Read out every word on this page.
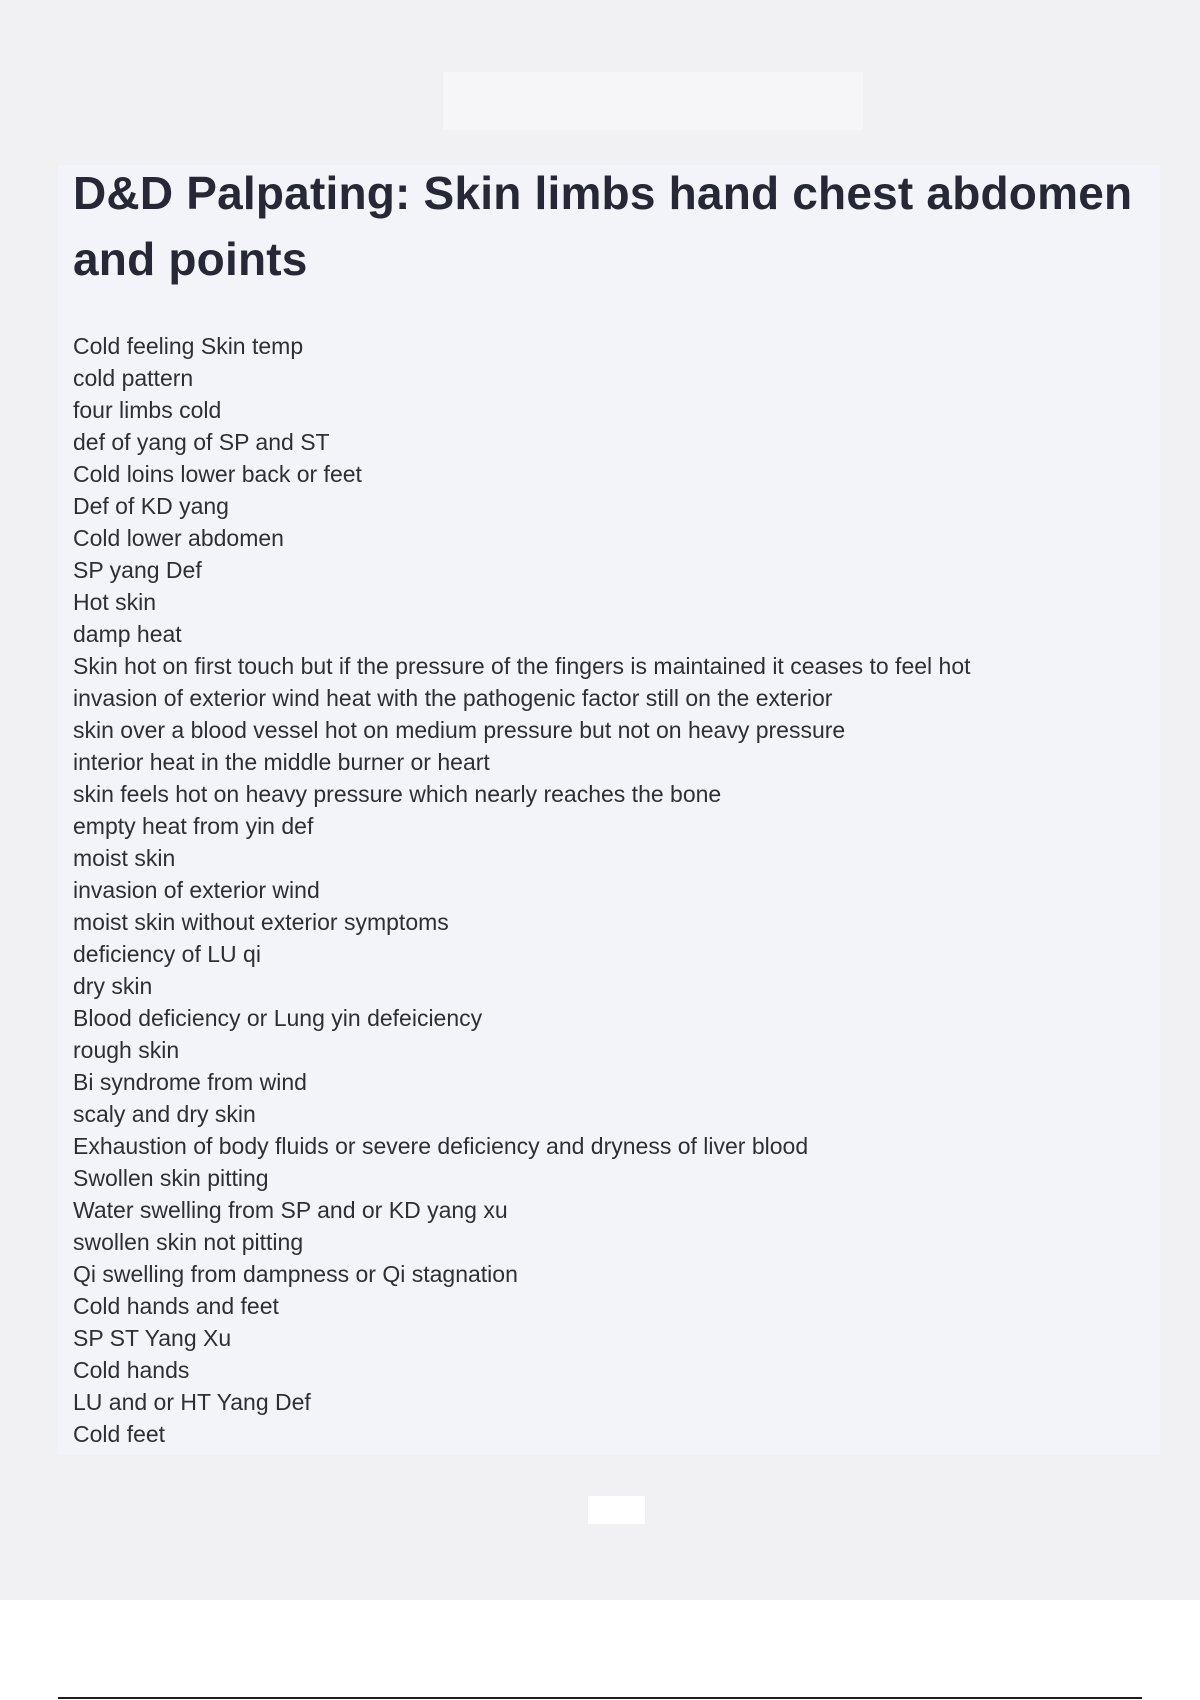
D&D Palpating: Skin limbs hand chest abdomen and points
Cold feeling Skin temp
cold pattern
four limbs cold
def of yang of SP and ST
Cold loins lower back or feet
Def of KD yang
Cold lower abdomen
SP yang Def
Hot skin
damp heat
Skin hot on first touch but if the pressure of the fingers is maintained it ceases to feel hot
invasion of exterior wind heat with the pathogenic factor still on the exterior
skin over a blood vessel hot on medium pressure but not on heavy pressure
interior heat in the middle burner or heart
skin feels hot on heavy pressure which nearly reaches the bone
empty heat from yin def
moist skin
invasion of exterior wind
moist skin without exterior symptoms
deficiency of LU qi
dry skin
Blood deficiency or Lung yin defeiciency
rough skin
Bi syndrome from wind
scaly and dry skin
Exhaustion of body fluids or severe deficiency and dryness of liver blood
Swollen skin pitting
Water swelling from SP and or KD yang xu
swollen skin not pitting
Qi swelling from dampness or Qi stagnation
Cold hands and feet
SP ST Yang Xu
Cold hands
LU and or HT Yang Def
Cold feet
